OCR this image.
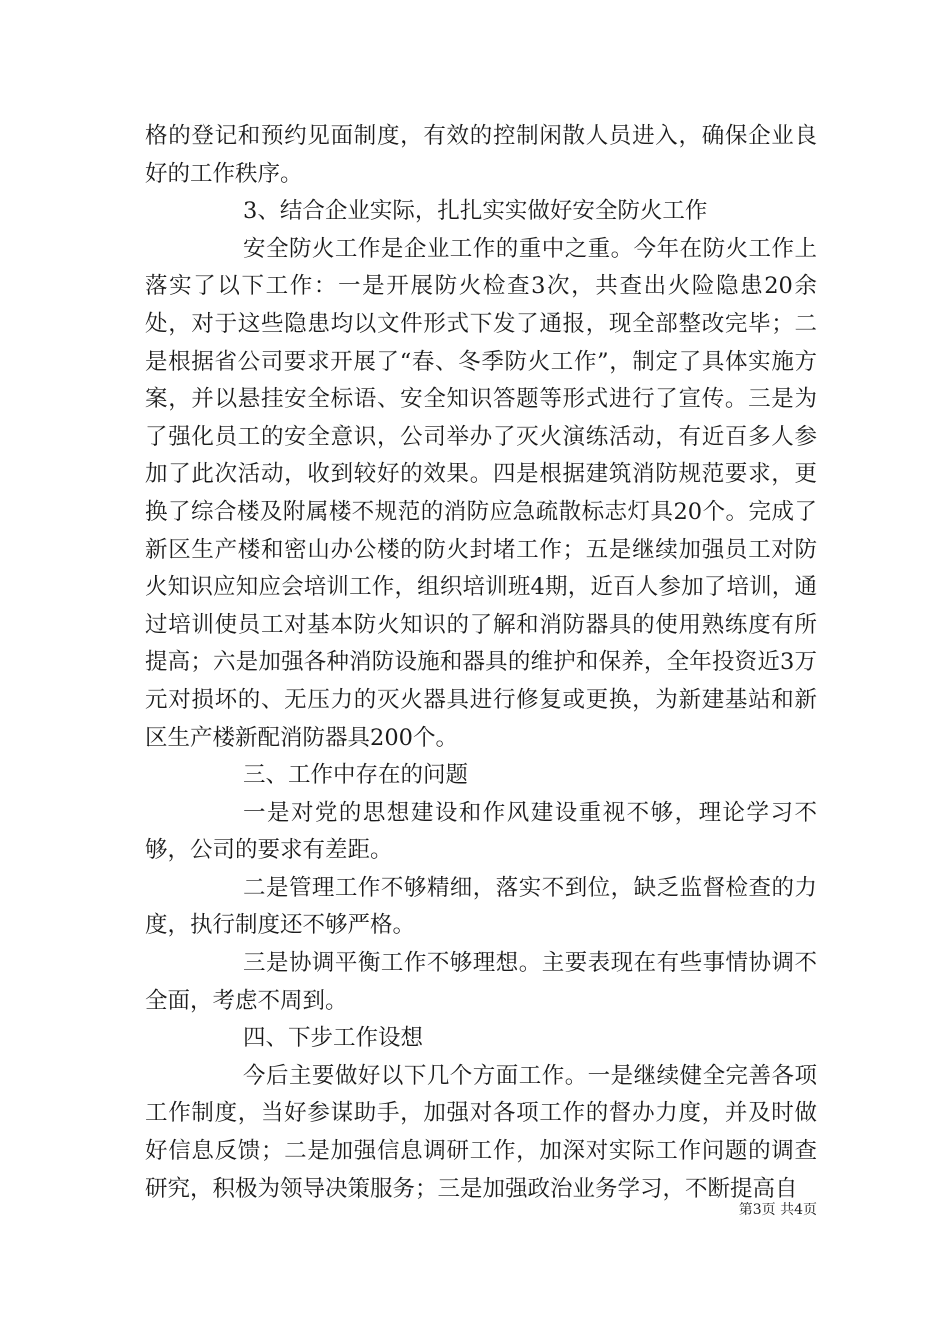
格的登记和预约见面制度，有效的控制闲散人员进入，确保企业良好的工作秩序。

3、结合企业实际，扎扎实实做好安全防火工作

安全防火工作是企业工作的重中之重。今年在防火工作上落实了以下工作：一是开展防火检查3次，共查出火险隐患20余处，对于这些隐患均以文件形式下发了通报，现全部整改完毕；二是根据省公司要求开展了“春、冬季防火工作”，制定了具体实施方案，并以悬挂安全标语、安全知识答题等形式进行了宣传。三是为了强化员工的安全意识，公司举办了灭火演练活动，有近百多人参加了此次活动，收到较好的效果。四是根据建筑消防规范要求，更换了综合楼及附属楼不规范的消防应急疏散标志灯具20个。完成了新区生产楼和密山办公楼的防火封堵工作；五是继续加强员工对防火知识应知应会培训工作，组织培训班4期，近百人参加了培训，通过培训使员工对基本防火知识的了解和消防器具的使用熟练度有所提高；六是加强各种消防设施和器具的维护和保养，全年投资近3万元对损坏的、无压力的灭火器具进行修复或更换，为新建基站和新区生产楼新配消防器具200个。

三、工作中存在的问题

一是对党的思想建设和作风建设重视不够，理论学习不够，公司的要求有差距。

二是管理工作不够精细，落实不到位，缺乏监督检查的力度，执行制度还不够严格。

三是协调平衡工作不够理想。主要表现在有些事情协调不全面，考虑不周到。

四、下步工作设想

今后主要做好以下几个方面工作。一是继续健全完善各项工作制度，当好参谋助手，加强对各项工作的督办力度，并及时做好信息反馈；二是加强信息调研工作，加深对实际工作问题的调查研究，积极为领导决策服务；三是加强政治业务学习，不断提高自

第3页 共4页
